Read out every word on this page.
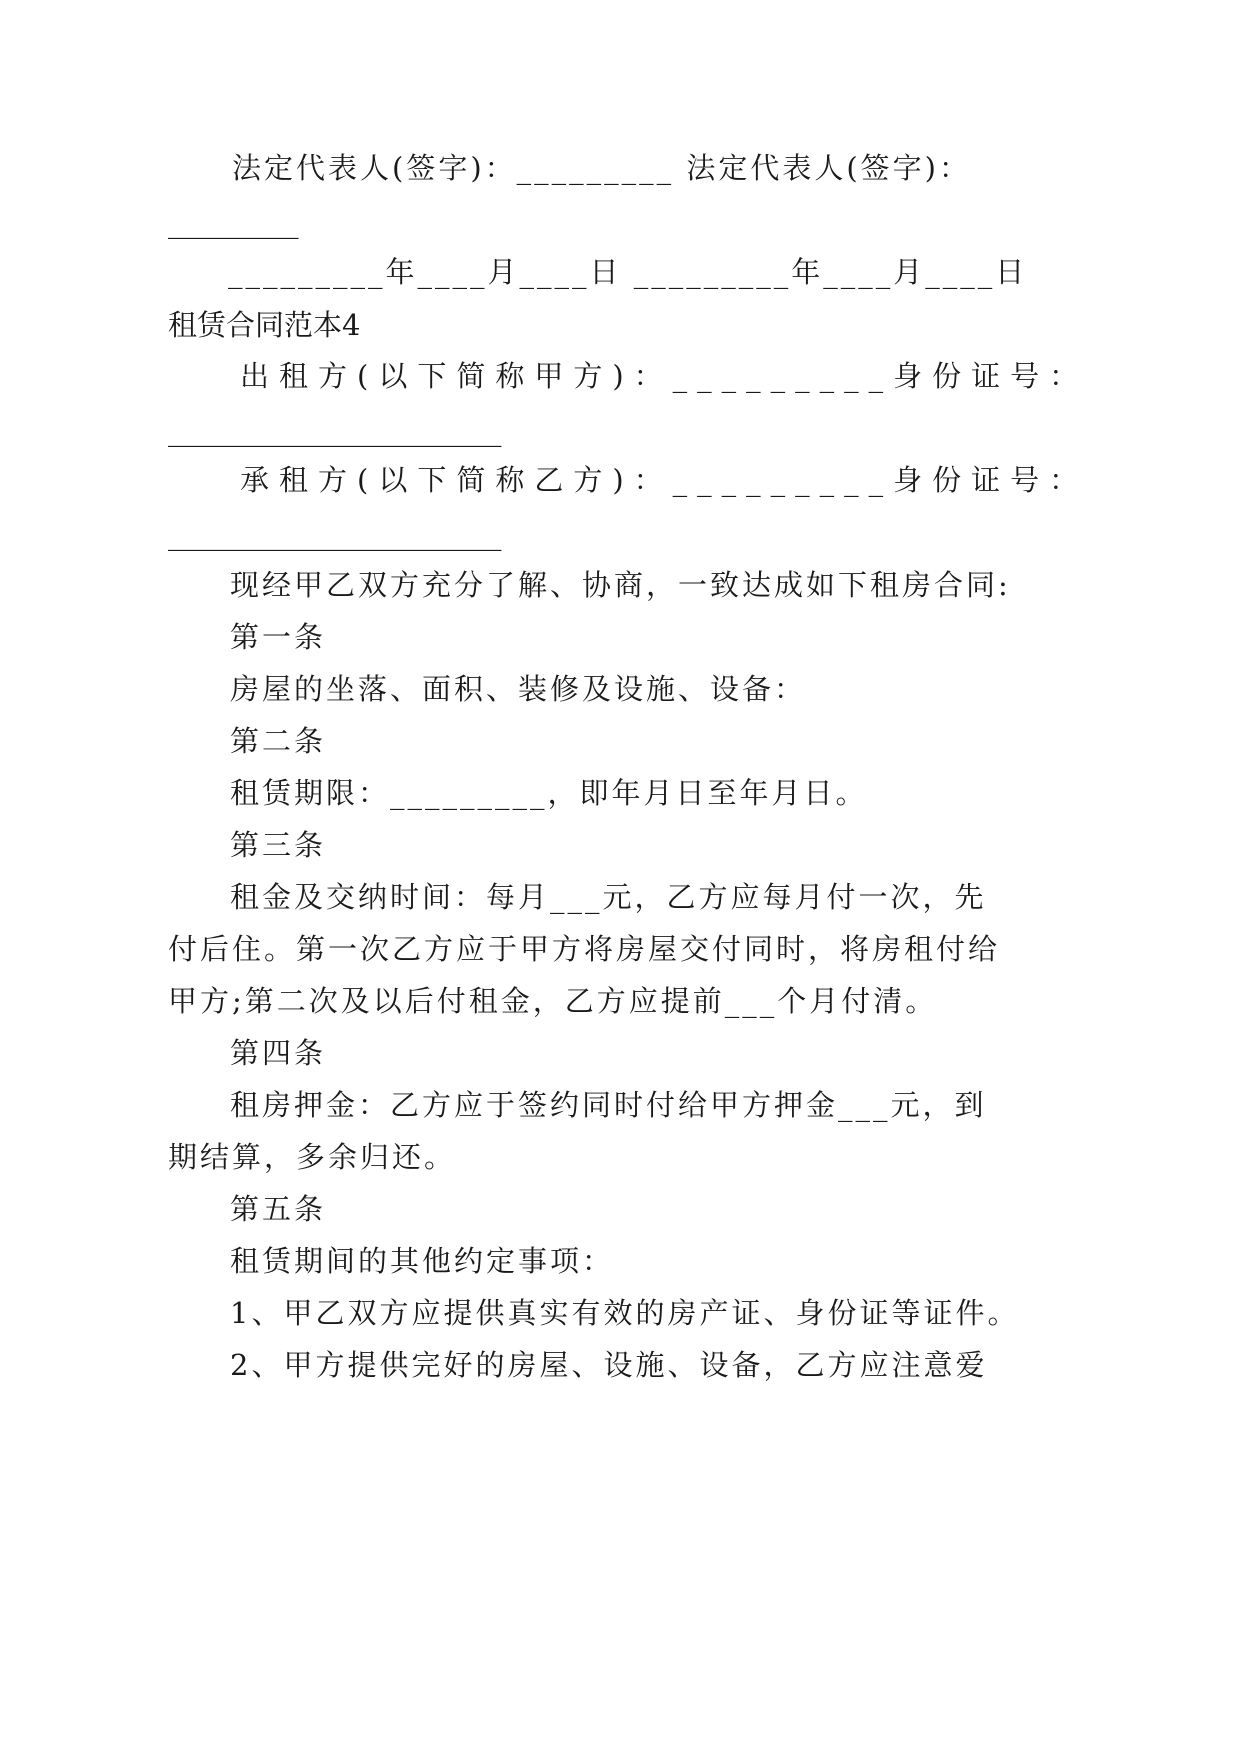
法定代表人(签字)：_________ 法定代表人(签字)：
_________
_________年____月____日 _________年____月____日
租赁合同范本4
出租方(以下简称甲方)：_________身份证号：
_______________________
承租方(以下简称乙方)：_________身份证号：
_______________________
现经甲乙双方充分了解、协商，一致达成如下租房合同:
第一条
房屋的坐落、面积、装修及设施、设备：
第二条
租赁期限：_________，即年月日至年月日。
第三条
租金及交纳时间：每月___元，乙方应每月付一次，先
付后住。第一次乙方应于甲方将房屋交付同时，将房租付给
甲方;第二次及以后付租金，乙方应提前___个月付清。
第四条
租房押金：乙方应于签约同时付给甲方押金___元，到
期结算，多余归还。
第五条
租赁期间的其他约定事项：
1、甲乙双方应提供真实有效的房产证、身份证等证件。
2、甲方提供完好的房屋、设施、设备，乙方应注意爱
